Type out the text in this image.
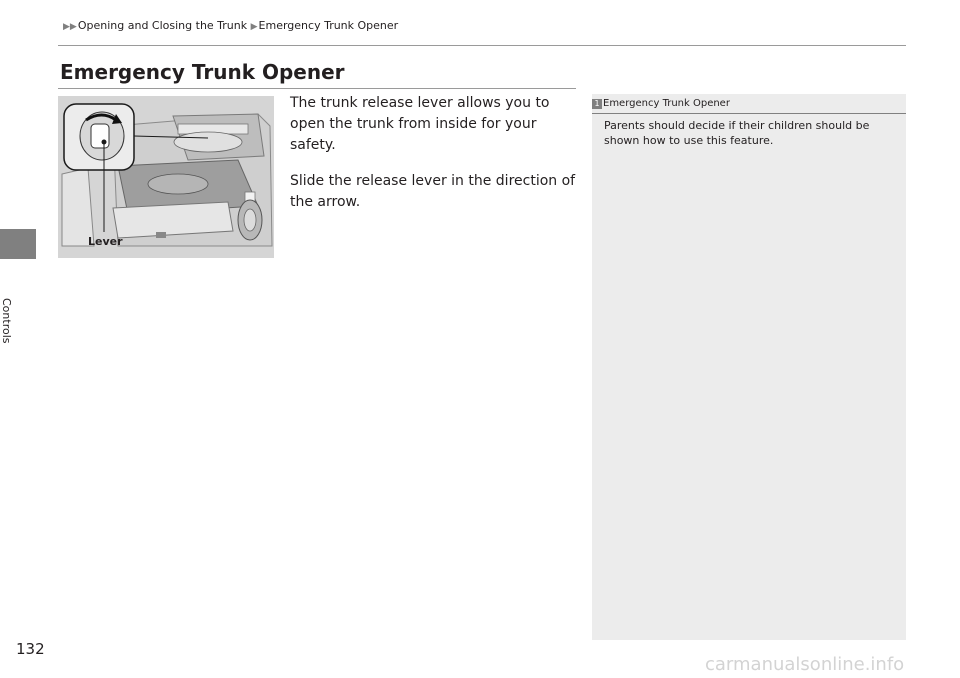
▶▶Opening and Closing the Trunk ▶Emergency Trunk Opener
Controls
Emergency Trunk Opener
Lever

The trunk release lever allows you to open the trunk from inside for your safety.

Slide the release lever in the direction of the arrow.

1 Emergency Trunk Opener
Parents should decide if their children should be shown how to use this feature.
132
carmanualsonline.info
